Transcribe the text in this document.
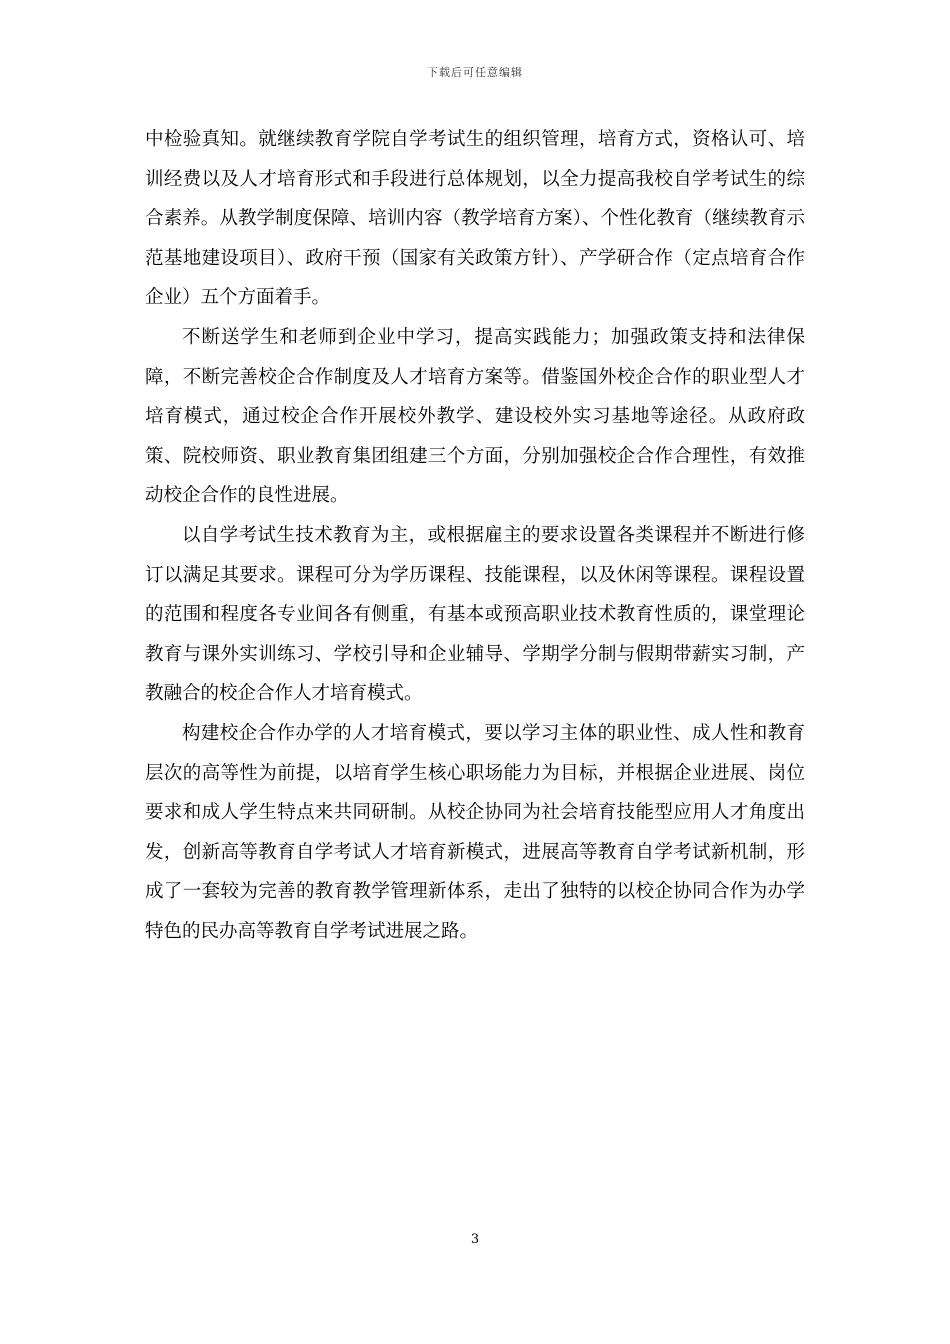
下载后可任意编辑

中检验真知。就继续教育学院自学考试生的组织管理，培育方式，资格认可、培训经费以及人才培育形式和手段进行总体规划，以全力提高我校自学考试生的综合素养。从教学制度保障、培训内容（教学培育方案）、个性化教育（继续教育示范基地建设项目）、政府干预（国家有关政策方针）、产学研合作（定点培育合作企业）五个方面着手。

不断送学生和老师到企业中学习，提高实践能力；加强政策支持和法律保障，不断完善校企合作制度及人才培育方案等。借鉴国外校企合作的职业型人才培育模式，通过校企合作开展校外教学、建设校外实习基地等途径。从政府政策、院校师资、职业教育集团组建三个方面，分别加强校企合作合理性，有效推动校企合作的良性进展。

以自学考试生技术教育为主，或根据雇主的要求设置各类课程并不断进行修订以满足其要求。课程可分为学历课程、技能课程，以及休闲等课程。课程设置的范围和程度各专业间各有侧重，有基本或预高职业技术教育性质的，课堂理论教育与课外实训练习、学校引导和企业辅导、学期学分制与假期带薪实习制，产教融合的校企合作人才培育模式。

构建校企合作办学的人才培育模式，要以学习主体的职业性、成人性和教育层次的高等性为前提，以培育学生核心职场能力为目标，并根据企业进展、岗位要求和成人学生特点来共同研制。从校企协同为社会培育技能型应用人才角度出发，创新高等教育自学考试人才培育新模式，进展高等教育自学考试新机制，形成了一套较为完善的教育教学管理新体系，走出了独特的以校企协同合作为办学特色的民办高等教育自学考试进展之路。

3
